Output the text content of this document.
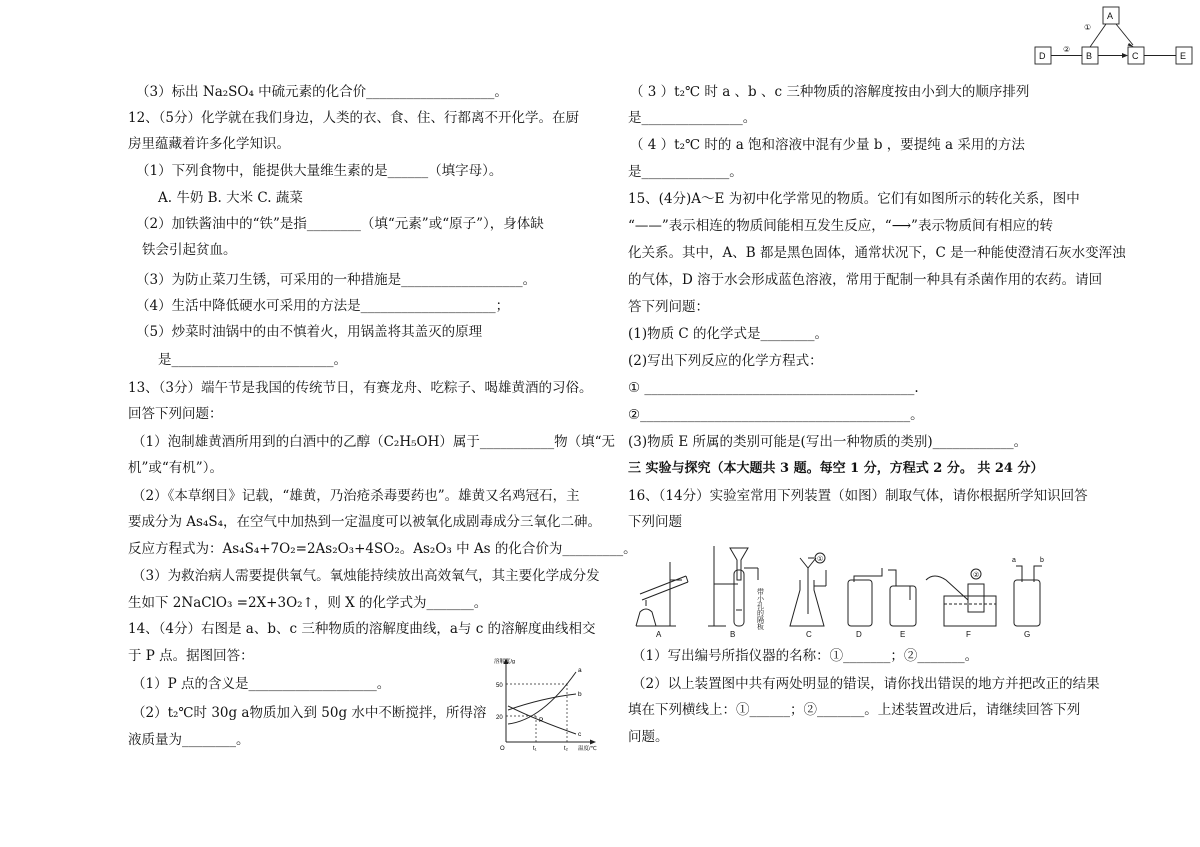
（3）标出 Na₂SO₄ 中硫元素的化合价___________________。
12、（5分）化学就在我们身边，人类的衣、食、住、行都离不开化学。在厨
房里蕴藏着许多化学知识。
（1）下列食物中，能提供大量维生素的是______（填字母）。
A. 牛奶 B. 大米 C. 蔬菜
（2）加铁酱油中的“铁”是指________（填“元素”或“原子”），身体缺
铁会引起贫血。
（3）为防止菜刀生锈，可采用的一种措施是__________________。
（4）生活中降低硬水可采用的方法是____________________；
（5）炒菜时油锅中的由不慎着火，用锅盖将其盖灭的原理
是________________________。
13、（3分）端午节是我国的传统节日，有赛龙舟、吃粽子、喝雄黄酒的习俗。
回答下列问题：
（1）泡制雄黄酒所用到的白酒中的乙醇（C₂H₅OH）属于___________物（填“无
机”或“有机”）。
（2）《本草纲目》记载，“雄黄，乃治疮杀毒要药也”。雄黄又名鸡冠石，主
要成分为 As₄S₄，在空气中加热到一定温度可以被氧化成剧毒成分三氧化二砷。
反应方程式为：As₄S₄+7O₂=2As₂O₃+4SO₂。As₂O₃ 中 As 的化合价为_________。
（3）为救治病人需要提供氧气。氧烛能持续放出高效氧气，其主要化学成分发
生如下 2NaClO₃ =2X+3O₂↑，则 X 的化学式为_______。
14、（4分）右图是 a、b、c 三种物质的溶解度曲线，a与 c 的溶解度曲线相交
于 P 点。据图回答：
（1）P 点的含义是___________________。
（2）t₂℃时 30g a物质加入到 50g 水中不断搅拌，所得溶
液质量为________。
溶解度/g
50
20
O	t₁	t₂ 温度/℃
a
b
c
P
（ 3 ）t₂℃ 时 a 、b 、c 三种物质的溶解度按由小到大的顺序排列
是_______________。
（ 4 ）t₂℃ 时的 a 饱和溶液中混有少量 b ，要提纯 a 采用的方法
是_____________。
15、(4分)A～E 为初中化学常见的物质。它们有如图所示的转化关系，图中
“——”表示相连的物质间能相互发生反应，“⟶”表示物质间有相应的转
化关系。其中，A、B 都是黑色固体，通常状况下，C 是一种能使澄清石灰水变浑浊
的气体，D 溶于水会形成蓝色溶液，常用于配制一种具有杀菌作用的农药。请回
答下列问题：
(1)物质 C 的化学式是________。
(2)写出下列反应的化学方程式：
① ________________________________________.
②________________________________________。
(3)物质 E 所属的类别可能是(写出一种物质的类别)____________。
三 实验与探究（本大题共 3 题。每空 1 分，方程式 2 分。 共 24 分）
16、（14分）实验室常用下列装置（如图）制取气体，请你根据所学知识回答
下列问题
（1）写出编号所指仪器的名称：①_______；②_______。
（2）以上装置图中共有两处明显的错误，请你找出错误的地方并把改正的结果
填在下列横线上：①______；②_______。上述装置改进后，请继续回答下列
问题。
A
B	C
D	E
①
②
A	B	C	D	E	F	G
带小孔的隔板
①
②
a	b
